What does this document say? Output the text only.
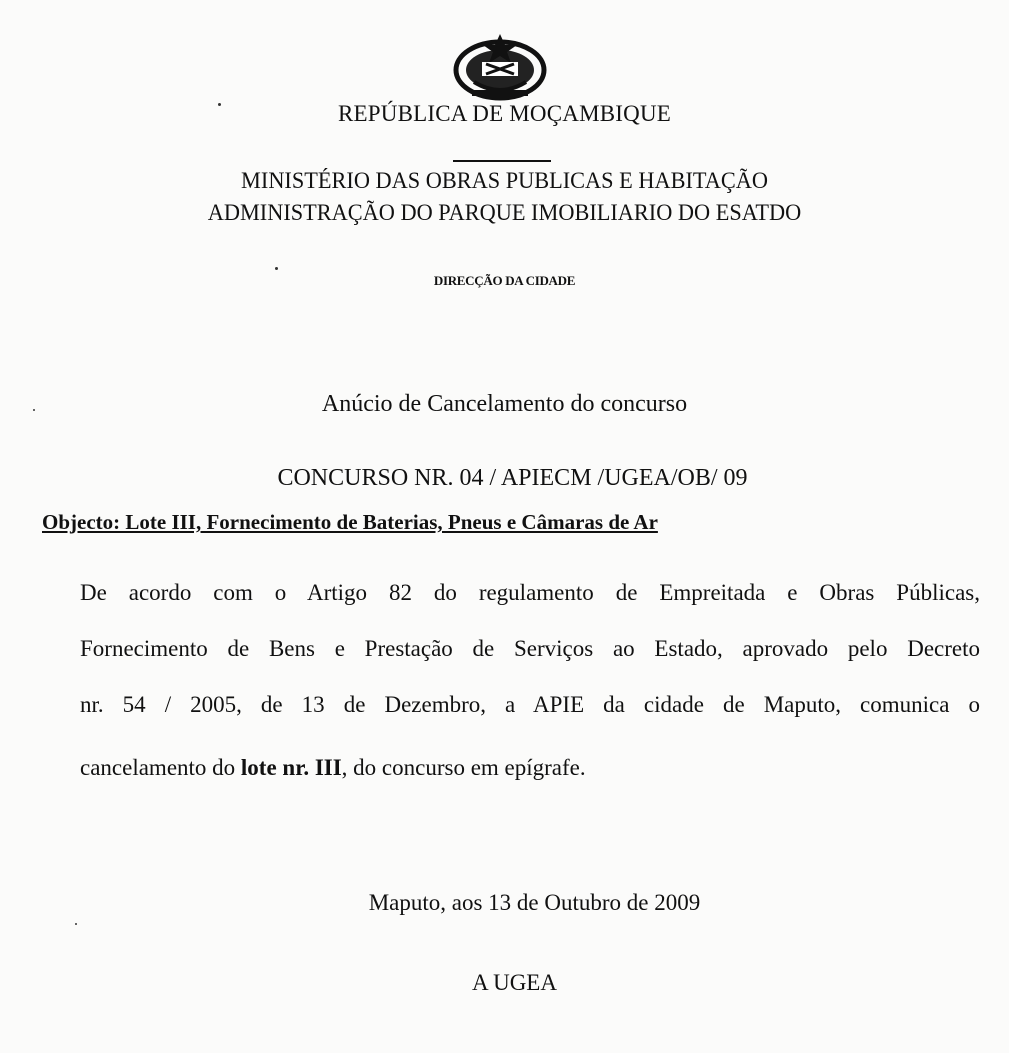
REPÚBLICA DE MOÇAMBIQUE
MINISTÉRIO DAS OBRAS PUBLICAS E HABITAÇÃO
ADMINISTRAÇÃO DO PARQUE IMOBILIARIO DO ESATDO
DIRECÇÃO DA CIDADE
Anúcio de Cancelamento do concurso
CONCURSO NR. 04 / APIECM /UGEA/OB/ 09
Objecto: Lote III, Fornecimento de Baterias, Pneus e Câmaras de Ar
De acordo com o Artigo 82 do regulamento de Empreitada e Obras Públicas,
Fornecimento de Bens e Prestação de Serviços ao Estado, aprovado pelo Decreto
nr. 54 / 2005, de 13 de Dezembro, a APIE da cidade de Maputo, comunica o
cancelamento do lote nr. III, do concurso em epígrafe.
Maputo, aos 13 de Outubro de 2009
A UGEA
